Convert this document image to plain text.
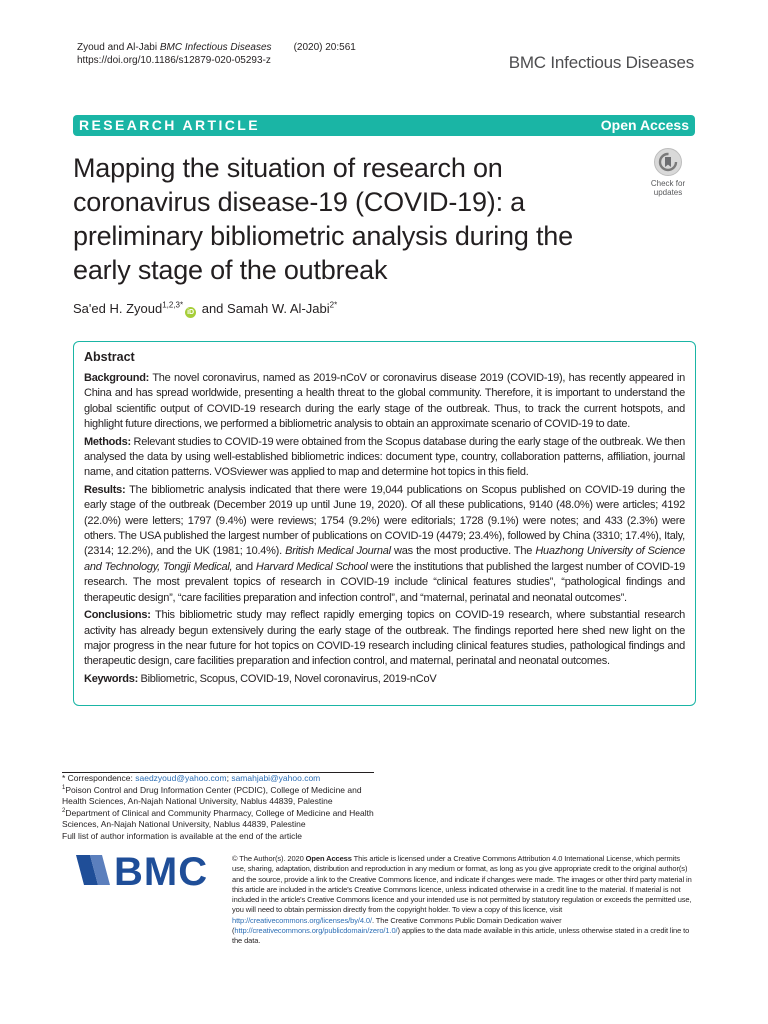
Zyoud and Al-Jabi BMC Infectious Diseases (2020) 20:561
https://doi.org/10.1186/s12879-020-05293-z	BMC Infectious Diseases
RESEARCH ARTICLE	Open Access
Mapping the situation of research on coronavirus disease-19 (COVID-19): a preliminary bibliometric analysis during the early stage of the outbreak
Check for
updates
Sa'ed H. Zyoud$^{1,2,3*}$iD and Samah W. Al-Jabi$^{2*}$
Abstract

Background: The novel coronavirus, named as 2019-nCoV or coronavirus disease 2019 (COVID-19), has recently appeared in China and has spread worldwide, presenting a health threat to the global community. Therefore, it is important to understand the global scientific output of COVID-19 research during the early stage of the outbreak. Thus, to track the current hotspots, and highlight future directions, we performed a bibliometric analysis to obtain an approximate scenario of COVID-19 to date.

Methods: Relevant studies to COVID-19 were obtained from the Scopus database during the early stage of the outbreak. We then analysed the data by using well-established bibliometric indices: document type, country, collaboration patterns, affiliation, journal name, and citation patterns. VOSviewer was applied to map and determine hot topics in this field.

Results: The bibliometric analysis indicated that there were 19,044 publications on Scopus published on COVID-19 during the early stage of the outbreak (December 2019 up until June 19, 2020). Of all these publications, 9140 (48.0%) were articles; 4192 (22.0%) were letters; 1797 (9.4%) were reviews; 1754 (9.2%) were editorials; 1728 (9.1%) were notes; and 433 (2.3%) were others. The USA published the largest number of publications on COVID-19 (4479; 23.4%), followed by China (3310; 17.4%), Italy, (2314; 12.2%), and the UK (1981; 10.4%). British Medical Journal was the most productive. The Huazhong University of Science and Technology, Tongji Medical, and Harvard Medical School were the institutions that published the largest number of COVID-19 research. The most prevalent topics of research in COVID-19 include “clinical features studies”, “pathological findings and therapeutic design”, “care facilities preparation and infection control”, and “maternal, perinatal and neonatal outcomes”.

Conclusions: This bibliometric study may reflect rapidly emerging topics on COVID-19 research, where substantial research activity has already begun extensively during the early stage of the outbreak. The findings reported here shed new light on the major progress in the near future for hot topics on COVID-19 research including clinical features studies, pathological findings and therapeutic design, care facilities preparation and infection control, and maternal, perinatal and neonatal outcomes.

Keywords: Bibliometric, Scopus, COVID-19, Novel coronavirus, 2019-nCoV

* Correspondence: saedzyoud@yahoo.com; samahjabi@yahoo.com
$^1$Poison Control and Drug Information Center (PCDIC), College of Medicine and Health Sciences, An-Najah National University, Nablus 44839, Palestine
$^2$Department of Clinical and Community Pharmacy, College of Medicine and Health Sciences, An-Najah National University, Nablus 44839, Palestine
Full list of author information is available at the end of the article
BMC	© The Author(s). 2020 Open Access This article is licensed under a Creative Commons Attribution 4.0 International License, which permits use, sharing, adaptation, distribution and reproduction in any medium or format, as long as you give appropriate credit to the original author(s) and the source, provide a link to the Creative Commons licence, and indicate if changes were made. The images or other third party material in this article are included in the article's Creative Commons licence, unless indicated otherwise in a credit line to the material. If material is not included in the article's Creative Commons licence and your intended use is not permitted by statutory regulation or exceeds the permitted use, you will need to obtain permission directly from the copyright holder. To view a copy of this licence, visit http://creativecommons.org/licenses/by/4.0/. The Creative Commons Public Domain Dedication waiver (http://creativecommons.org/publicdomain/zero/1.0/) applies to the data made available in this article, unless otherwise stated in a credit line to the data.
